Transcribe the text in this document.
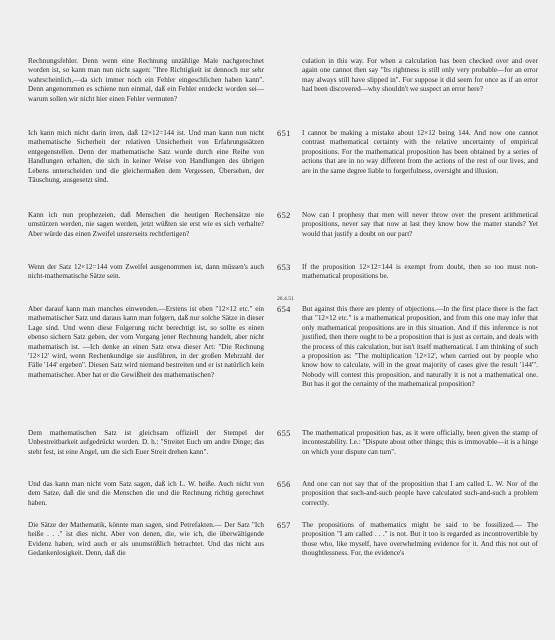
Rechnungsfehler. Denn wenn eine Rechnung unzählige Male nachgerechnet worden ist, so kann man nun nicht sagen: "Ihre Richtigkeit ist dennoch nur sehr wahrscheinlich,—da sich immer noch ein Fehler eingeschlichen haben kann". Denn angenommen es schiene nun einmal, daß ein Fehler entdeckt worden sei—warum sollen wir nicht hier einen Fehler vermuten?
culation in this way. For when a calculation has been checked over and over again one cannot then say "Its rightness is still only very probable—for an error may always still have slipped in". For suppose it did seem for once as if an error had been discovered—why shouldn't we suspect an error here?
651
Ich kann mich nicht darin irren, daß 12×12=144 ist. Und man kann nun nicht mathematische Sicherheit der relativen Unsicherheit von Erfahrungssätzen entgegenstellen. Denn der mathematische Satz wurde durch eine Reihe von Handlungen erhalten, die sich in keiner Weise von Handlungen des übrigen Lebens unterscheiden und die gleichermaßen dem Vergessen, Übersehen, der Täuschung, ausgesetzt sind.
I cannot be making a mistake about 12×12 being 144. And now one cannot contrast mathematical certainty with the relative uncertainty of empirical propositions. For the mathematical proposition has been obtained by a series of actions that are in no way different from the actions of the rest of our lives, and are in the same degree liable to forgetfulness, oversight and illusion.
652
Kann ich nun prophezeien, daß Menschen die heutigen Rechensätze nie umstürzen werden, nie sagen werden, jetzt wüßten sie erst wie es sich verhalte? Aber würde das einen Zweifel unsrerseits rechtfertigen?
Now can I prophesy that men will never throw over the present arithmetical propositions, never say that now at last they know how the matter stands? Yet would that justify a doubt on our part?
653
Wenn der Satz 12×12=144 vom Zweifel ausgenommen ist, dann müssen's auch nicht-mathematische Sätze sein.
If the proposition 12×12=144 is exempt from doubt, then so too must non-mathematical propositions be.
26.4.51
654
Aber darauf kann man manches einwenden.—Erstens ist eben "12×12 etc." ein mathematischer Satz und daraus kann man folgern, daß nur solche Sätze in dieser Lage sind. Und wenn diese Folgerung nicht berechtigt ist, so sollte es einen ebenso sichern Satz geben, der vom Vorgang jener Rechnung handelt, aber nicht mathematisch ist. —Ich denke an einen Satz etwa dieser Art: "Die Rechnung '12×12' wird, wenn Rechenkundige sie ausführen, in der großen Mehrzahl der Fälle '144' ergeben". Diesen Satz wird niemand bestreiten und er ist natürlich kein mathematischer. Aber hat er die Gewißheit des mathematischen?
But against this there are plenty of objections.—In the first place there is the fact that "12×12 etc." is a mathematical proposition, and from this one may infer that only mathematical propositions are in this situation. And if this inference is not justified, then there ought to be a proposition that is just as certain, and deals with the process of this calculation, but isn't itself mathematical. I am thinking of such a proposition as: "The multiplication '12×12', when carried out by people who know how to calculate, will in the great majority of cases give the result '144'". Nobody will contest this proposition, and naturally it is not a mathematical one. But has it got the certainty of the mathematical proposition?
655
Dem mathematischen Satz ist gleichsam offiziell der Stempel der Unbestreitbarkeit aufgedrückt worden. D. h.: "Streitet Euch um andre Dinge; das steht fest, ist eine Angel, um die sich Euer Streit drehen kann".
The mathematical proposition has, as it were officially, been given the stamp of incontestability. I.e.: "Dispute about other things; this is immovable—it is a hinge on which your dispute can turn".
656
Und das kann man nicht vom Satz sagen, daß ich L. W. heiße. Auch nicht von dem Satze, daß die und die Menschen die und die Rechnung richtig gerechnet haben.
And one can not say that of the proposition that I am called L. W. Nor of the proposition that such-and-such people have calculated such-and-such a problem correctly.
657
Die Sätze der Mathematik, könnte man sagen, sind Petrefakten.— Der Satz "Ich heiße . . ." ist dies nicht. Aber von denen, die, wie ich, die überwältigende Evidenz haben, wird auch er als unumstößlich betrachtet. Und das nicht aus Gedankenlosigkeit. Denn, daß die
The propositions of mathematics might be said to be fossilized.— The proposition "I am called . . ." is not. But it too is regarded as incontrovertible by those who, like myself, have overwhelming evidence for it. And this not out of thoughtlessness. For, the evidence's
